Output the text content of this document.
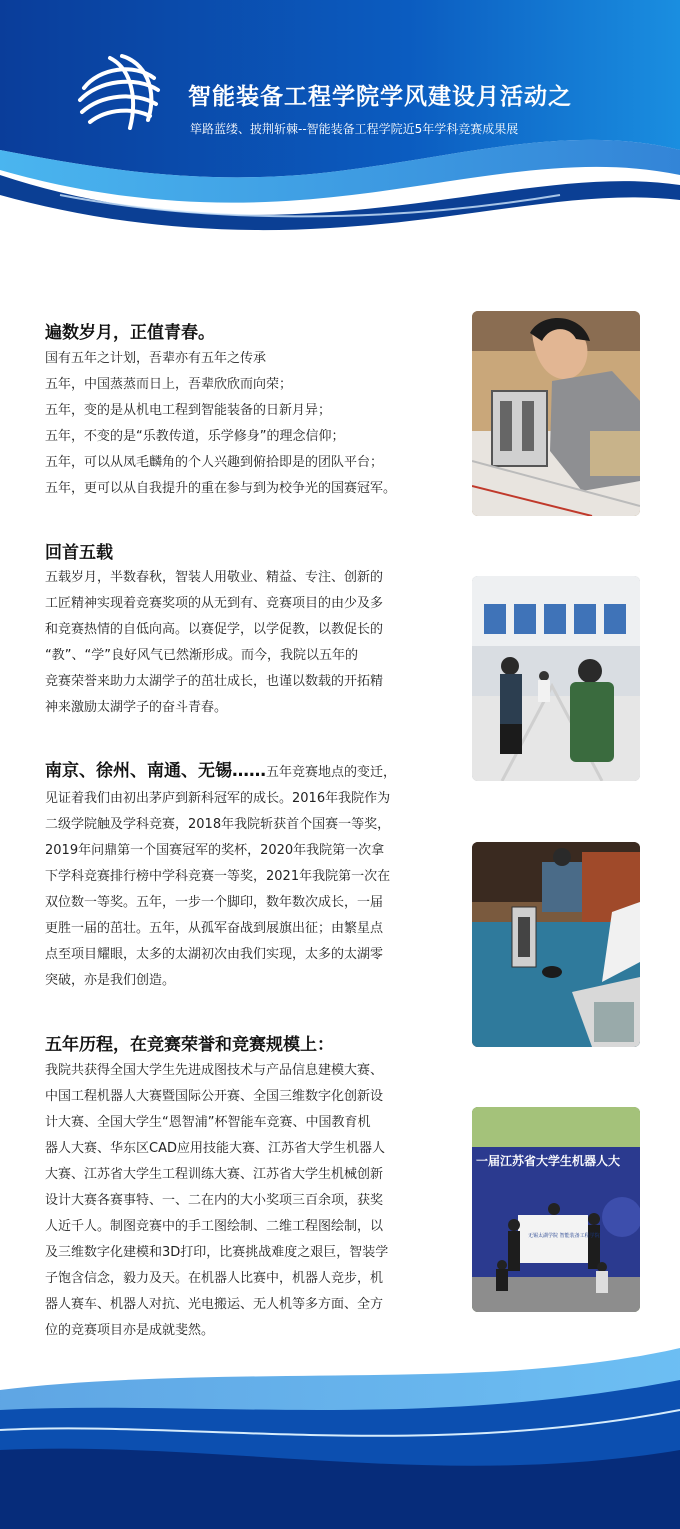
智能装备工程学院学风建设月活动之
筚路蓝缕、披荆斩棘--智能装备工程学院近5年学科竞赛成果展
遍数岁月，正值青春。
国有五年之计划，吾辈亦有五年之传承
五年，中国蒸蒸而日上，吾辈欣欣而向荣；
五年，变的是从机电工程到智能装备的日新月异；
五年，不变的是“乐教传道，乐学修身”的理念信仰；
五年，可以从凤毛麟角的个人兴趣到俯拾即是的团队平台；
五年，更可以从自我提升的重在参与到为校争光的国赛冠军。
回首五载
五载岁月，半数春秋，智装人用敬业、精益、专注、创新的
工匠精神实现着竞赛奖项的从无到有、竞赛项目的由少及多
和竞赛热情的自低向高。以赛促学，以学促教，以教促长的
“教”、“学”良好风气已然渐形成。而今，我院以五年的
竞赛荣誉来助力太湖学子的茁壮成长，也谨以数载的开拓精
神来激励太湖学子的奋斗青春。
南京、徐州、南通、无锡……五年竞赛地点的变迁，
见证着我们由初出茅庐到新科冠军的成长。2016年我院作为
二级学院触及学科竞赛，2018年我院斩获首个国赛一等奖，
2019年问鼎第一个国赛冠军的奖杯，2020年我院第一次拿
下学科竞赛排行榜中学科竞赛一等奖，2021年我院第一次在
双位数一等奖。五年，一步一个脚印，数年数次成长，一届
更胜一届的茁壮。五年，从孤军奋战到展旗出征；由繁星点
点至项目耀眼，太多的太湖初次由我们实现，太多的太湖零
突破，亦是我们创造。
五年历程，在竞赛荣誉和竞赛规模上：
我院共获得全国大学生先进成图技术与产品信息建模大赛、
中国工程机器人大赛暨国际公开赛、全国三维数字化创新设
计大赛、全国大学生“恩智浦”杯智能车竞赛、中国教育机
器人大赛、华东区CAD应用技能大赛、江苏省大学生机器人
大赛、江苏省大学生工程训练大赛、江苏省大学生机械创新
设计大赛各赛事特、一、二在内的大小奖项三百余项，获奖
人近千人。制图竞赛中的手工图绘制、二维工程图绘制，以
及三维数字化建模和3D打印，比赛挑战难度之艰巨，智装学
子饱含信念，毅力及天。在机器人比赛中，机器人竞步，机
器人赛车、机器人对抗、光电搬运、无人机等多方面、全方
位的竞赛项目亦是成就斐然。
一届江苏省大学生机器人大
无锡太湖学院 智能装备工程学院
